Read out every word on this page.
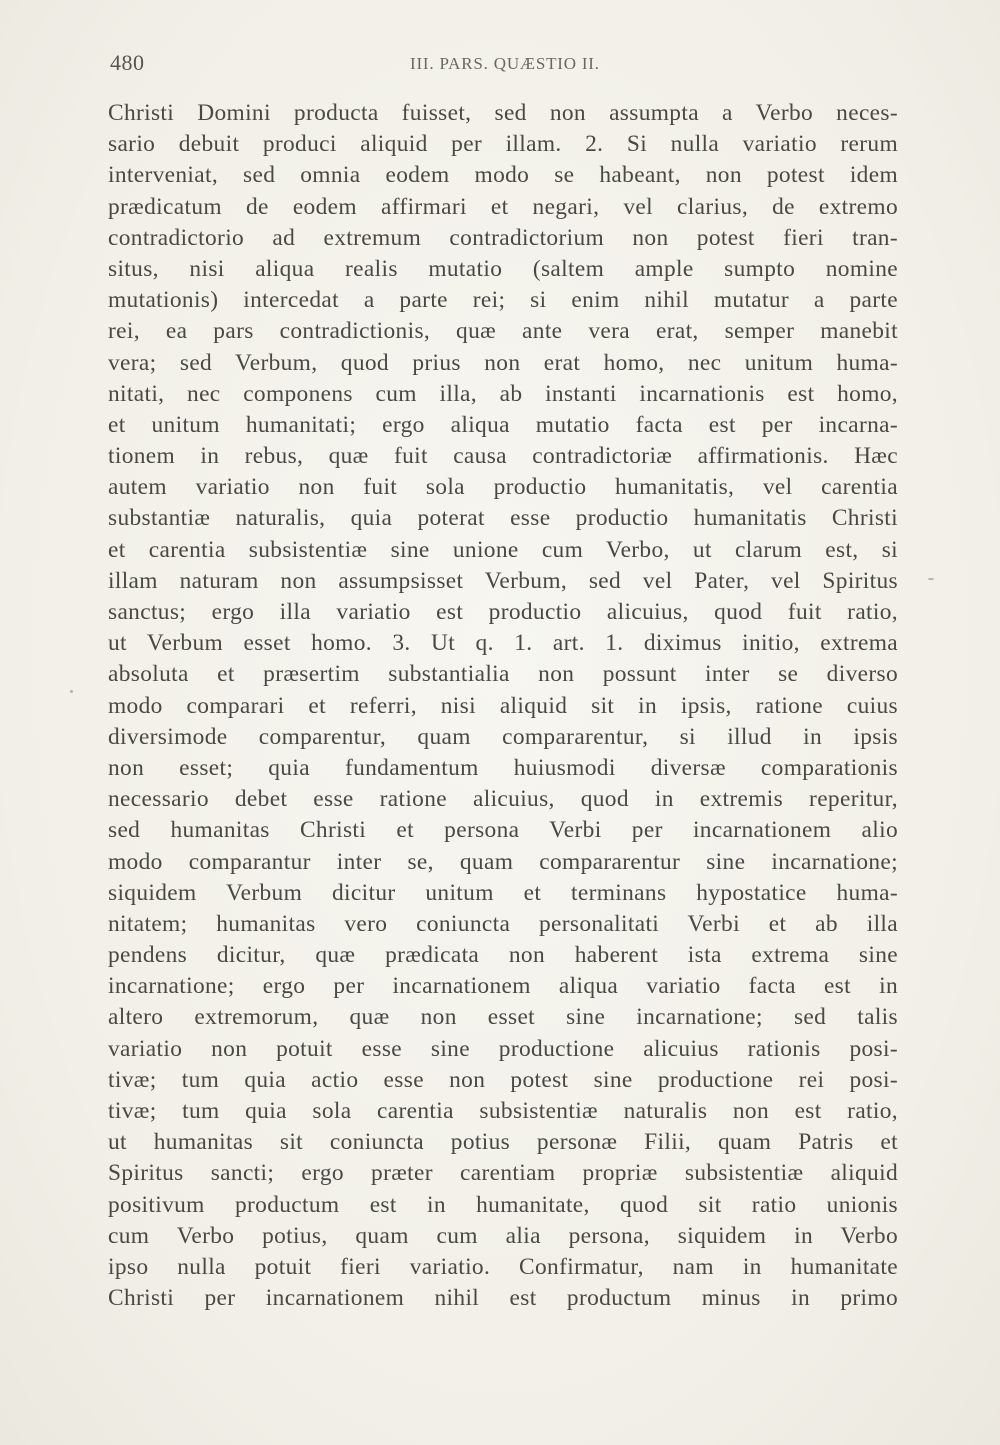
480	III. PARS. QUÆSTIO II.
Christi Domini producta fuisset, sed non assumpta a Verbo neces-
sario debuit produci aliquid per illam. 2. Si nulla variatio rerum
interveniat, sed omnia eodem modo se habeant, non potest idem
prædicatum de eodem affirmari et negari, vel clarius, de extremo
contradictorio ad extremum contradictorium non potest fieri tran-
situs, nisi aliqua realis mutatio (saltem ample sumpto nomine
mutationis) intercedat a parte rei; si enim nihil mutatur a parte
rei, ea pars contradictionis, quæ ante vera erat, semper manebit
vera; sed Verbum, quod prius non erat homo, nec unitum huma-
nitati, nec componens cum illa, ab instanti incarnationis est homo,
et unitum humanitati; ergo aliqua mutatio facta est per incarna-
tionem in rebus, quæ fuit causa contradictoriæ affirmationis. Hæc
autem variatio non fuit sola productio humanitatis, vel carentia
substantiæ naturalis, quia poterat esse productio humanitatis Christi
et carentia subsistentiæ sine unione cum Verbo, ut clarum est, si
illam naturam non assumpsisset Verbum, sed vel Pater, vel Spiritus
sanctus; ergo illa variatio est productio alicuius, quod fuit ratio,
ut Verbum esset homo. 3. Ut q. 1. art. 1. diximus initio, extrema
absoluta et præsertim substantialia non possunt inter se diverso
modo comparari et referri, nisi aliquid sit in ipsis, ratione cuius
diversimode comparentur, quam compararentur, si illud in ipsis
non esset; quia fundamentum huiusmodi diversæ comparationis
necessario debet esse ratione alicuius, quod in extremis reperitur,
sed humanitas Christi et persona Verbi per incarnationem alio
modo comparantur inter se, quam compararentur sine incarnatione;
siquidem Verbum dicitur unitum et terminans hypostatice huma-
nitatem; humanitas vero coniuncta personalitati Verbi et ab illa
pendens dicitur, quæ prædicata non haberent ista extrema sine
incarnatione; ergo per incarnationem aliqua variatio facta est in
altero extremorum, quæ non esset sine incarnatione; sed talis
variatio non potuit esse sine productione alicuius rationis posi-
tivæ; tum quia actio esse non potest sine productione rei posi-
tivæ; tum quia sola carentia subsistentiæ naturalis non est ratio,
ut humanitas sit coniuncta potius personæ Filii, quam Patris et
Spiritus sancti; ergo præter carentiam propriæ subsistentiæ aliquid
positivum productum est in humanitate, quod sit ratio unionis
cum Verbo potius, quam cum alia persona, siquidem in Verbo
ipso nulla potuit fieri variatio. Confirmatur, nam in humanitate
Christi per incarnationem nihil est productum minus in primo
